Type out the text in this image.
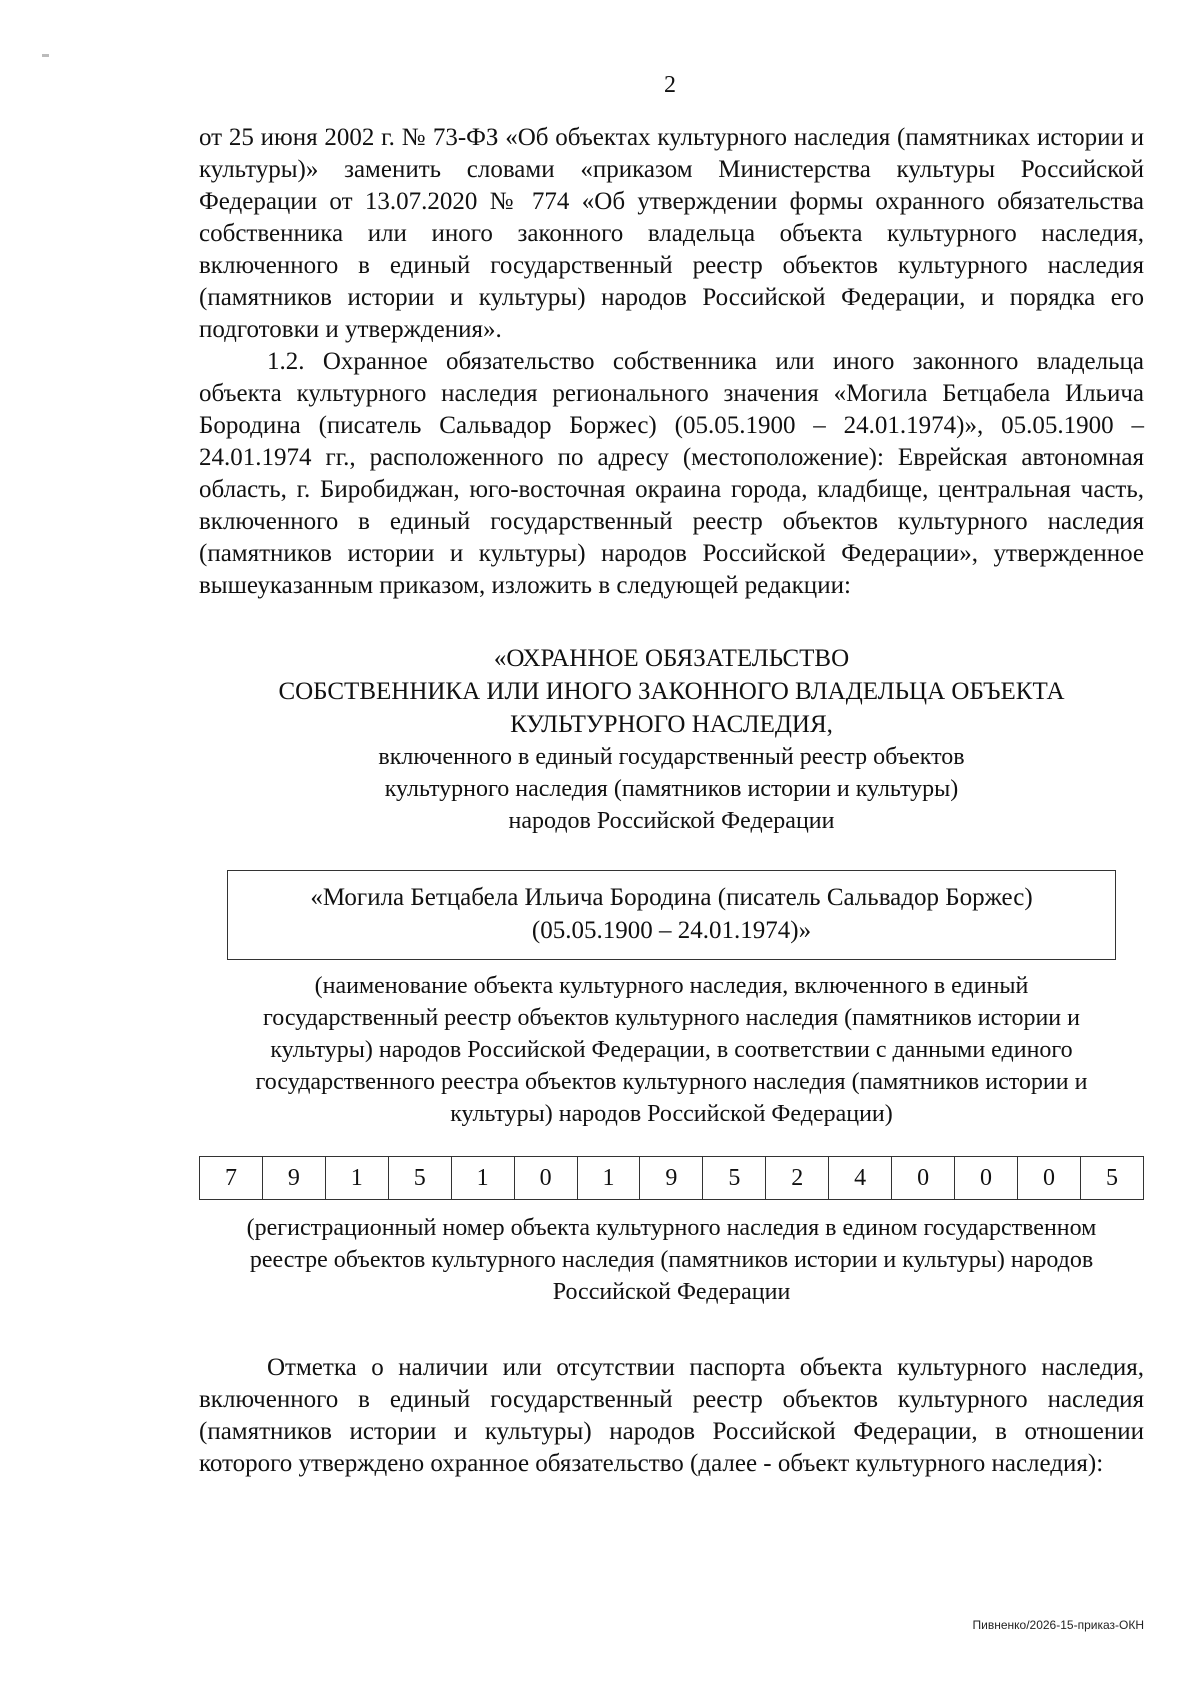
2

от 25 июня 2002 г. № 73-ФЗ «Об объектах культурного наследия (памятниках истории и культуры)» заменить словами «приказом Министерства культуры Российской Федерации от 13.07.2020 № 774 «Об утверждении формы охранного обязательства собственника или иного законного владельца объекта культурного наследия, включенного в единый государственный реестр объектов культурного наследия (памятников истории и культуры) народов Российской Федерации, и порядка его подготовки и утверждения».

1.2. Охранное обязательство собственника или иного законного владельца объекта культурного наследия регионального значения «Могила Бетцабела Ильича Бородина (писатель Сальвадор Боржес) (05.05.1900 – 24.01.1974)», 05.05.1900 – 24.01.1974 гг., расположенного по адресу (местоположение): Еврейская автономная область, г. Биробиджан, юго-восточная окраина города, кладбище, центральная часть, включенного в единый государственный реестр объектов культурного наследия (памятников истории и культуры) народов Российской Федерации», утвержденное вышеуказанным приказом, изложить в следующей редакции:

«ОХРАННОЕ ОБЯЗАТЕЛЬСТВО

СОБСТВЕННИКА ИЛИ ИНОГО ЗАКОННОГО ВЛАДЕЛЬЦА ОБЪЕКТА

КУЛЬТУРНОГО НАСЛЕДИЯ,

включенного в единый государственный реестр объектов

культурного наследия (памятников истории и культуры)

народов Российской Федерации

«Могила Бетцабела Ильича Бородина (писатель Сальвадор Боржес)
(05.05.1900 – 24.01.1974)»

(наименование объекта культурного наследия, включенного в единый государственный реестр объектов культурного наследия (памятников истории и культуры) народов Российской Федерации, в соответствии с данными единого государственного реестра объектов культурного наследия (памятников истории и культуры) народов Российской Федерации)

7	9	1	5	1	0	1	9	5	2	4	0	0	0	5

(регистрационный номер объекта культурного наследия в едином государственном реестре объектов культурного наследия (памятников истории и культуры) народов Российской Федерации

Отметка о наличии или отсутствии паспорта объекта культурного наследия, включенного в единый государственный реестр объектов культурного наследия (памятников истории и культуры) народов Российской Федерации, в отношении которого утверждено охранное обязательство (далее - объект культурного наследия):

Пивненко/2026-15-приказ-ОКН
